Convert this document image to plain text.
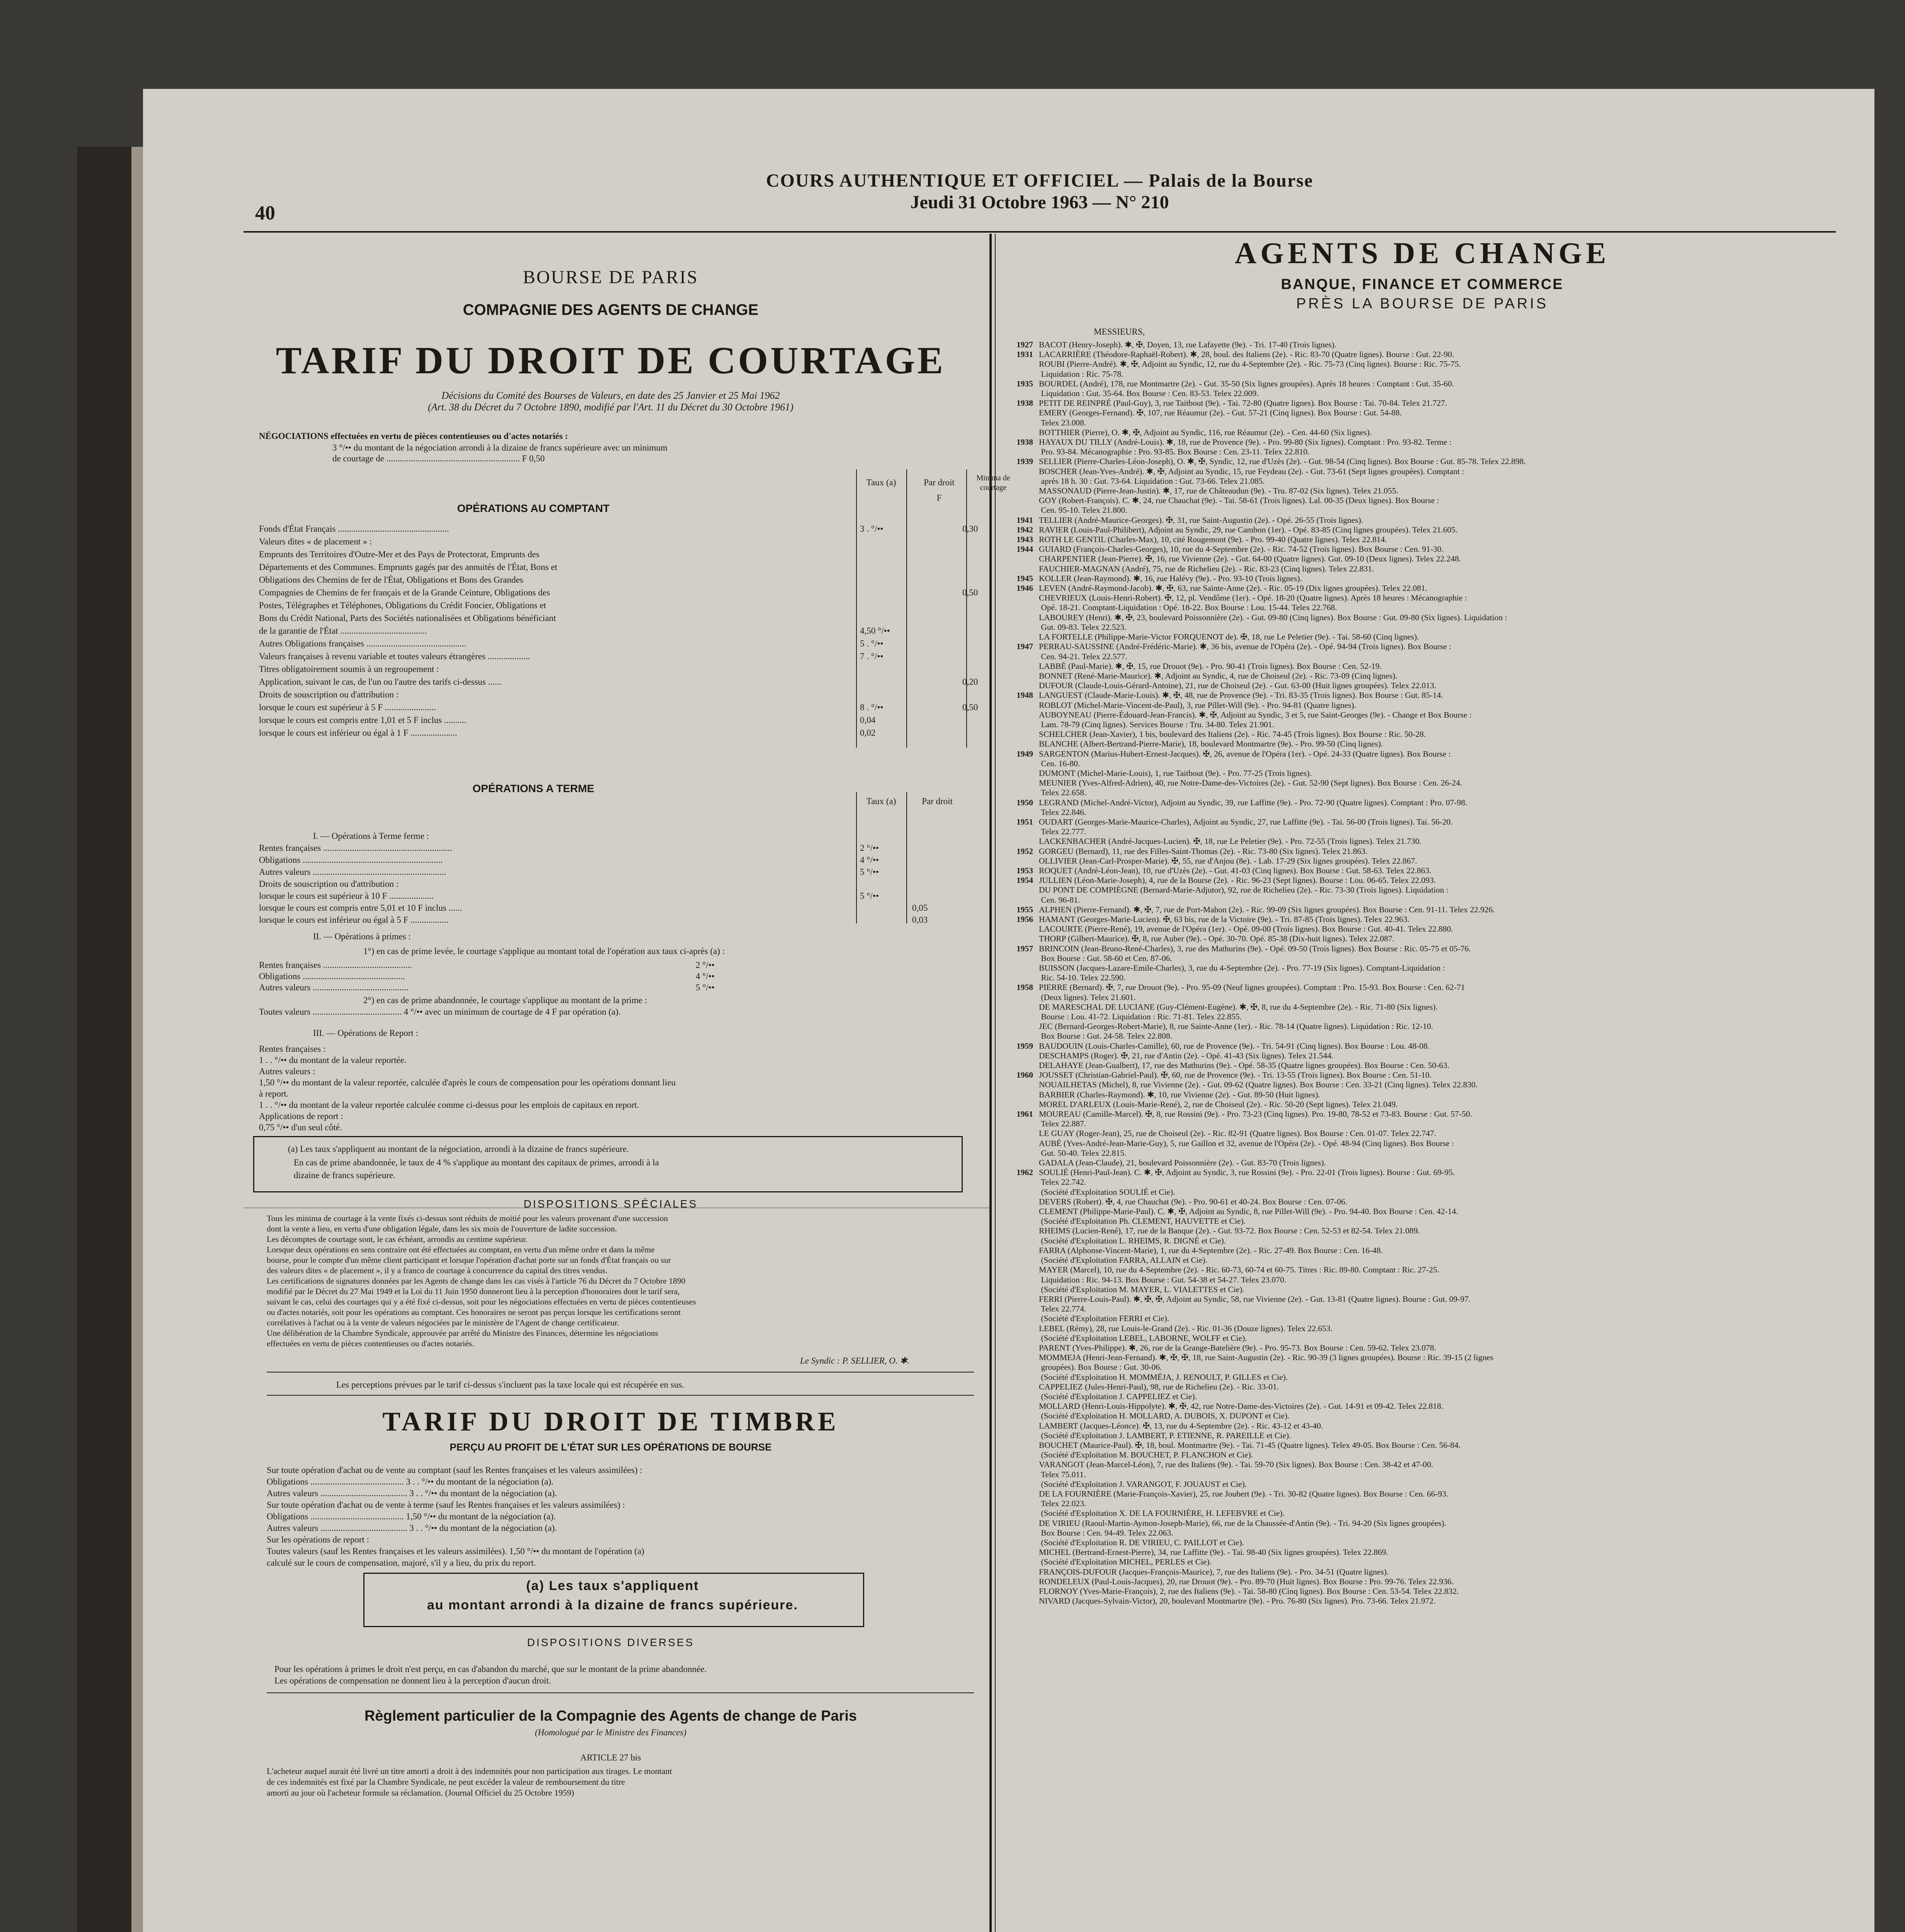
40
COURS AUTHENTIQUE ET OFFICIEL — Palais de la Bourse
Jeudi 31 Octobre 1963 — N° 210
BOURSE DE PARIS
COMPAGNIE DES AGENTS DE CHANGE
TARIF DU DROIT DE COURTAGE
Décisions du Comité des Bourses de Valeurs, en date des 25 Janvier et 25 Mai 1962
(Art. 38 du Décret du 7 Octobre 1890, modifié par l'Art. 11 du Décret du 30 Octobre 1961)
NÉGOCIATIONS effectuées en vertu de pièces contentieuses ou d'actes notariés :
3 °/•• du montant de la négociation arrondi à la dizaine de francs supérieure avec un minimum
de courtage de ............................................................ F 0,50
Taux (a)	Par droit	Minima de courtage
F
OPÉRATIONS AU COMPTANT
Fonds d'État Français ..................................................	3 . °/••	0,30
Valeurs dites « de placement » :
Emprunts des Territoires d'Outre-Mer et des Pays de Protectorat, Emprunts des
Départements et des Communes. Emprunts gagés par des annuités de l'État, Bons et
Obligations des Chemins de fer de l'État, Obligations et Bons des Grandes
Compagnies de Chemins de fer français et de la Grande Ceinture, Obligations des	0,50
Postes, Télégraphes et Téléphones, Obligations du Crédit Foncier, Obligations et
Bons du Crédit National, Parts des Sociétés nationalisées et Obligations bénéficiant
de la garantie de l'État .......................................	4,50 °/••
Autres Obligations françaises .............................................	5 . °/••
Valeurs françaises à revenu variable et toutes valeurs étrangères ...................	7 . °/••
Titres obligatoirement soumis à un regroupement :
Application, suivant le cas, de l'un ou l'autre des tarifs ci-dessus ......	0,20
Droits de souscription ou d'attribution :
lorsque le cours est supérieur à 5 F .......................	8 . °/••	0,50
lorsque le cours est compris entre 1,01 et 5 F inclus ..........	0,04
lorsque le cours est inférieur ou égal à 1 F .....................	0,02
OPÉRATIONS A TERME
Taux (a)	Par droit
I. — Opérations à Terme ferme :
Rentes françaises ..........................................................	2 °/••
Obligations ...............................................................	4 °/••
Autres valeurs ............................................................	5 °/••
Droits de souscription ou d'attribution :
lorsque le cours est supérieur à 10 F ....................	5 °/••
lorsque le cours est compris entre 5,01 et 10 F inclus ......	0,05
lorsque le cours est inférieur ou égal à 5 F .................	0,03
II. — Opérations à primes :
1°) en cas de prime levée, le courtage s'applique au montant total de l'opération aux taux ci-après (a) :
Rentes françaises ........................................	2 °/••
Obligations ..............................................	4 °/••
Autres valeurs ...........................................	5 °/••
2°) en cas de prime abandonnée, le courtage s'applique au montant de la prime :
Toutes valeurs ........................................ 4 °/•• avec un minimum de courtage de 4 F par opération (a).
III. — Opérations de Report :
Rentes françaises :
1 . . °/•• du montant de la valeur reportée.
Autres valeurs :
1,50 °/•• du montant de la valeur reportée, calculée d'après le cours de compensation pour les opérations donnant lieu
à report.
1 . . °/•• du montant de la valeur reportée calculée comme ci-dessus pour les emplois de capitaux en report.
Applications de report :
0,75 °/•• d'un seul côté.
(a) Les taux s'appliquent au montant de la négociation, arrondi à la dizaine de francs supérieure.
En cas de prime abandonnée, le taux de 4 % s'applique au montant des capitaux de primes, arrondi à la
dizaine de francs supérieure.
DISPOSITIONS SPÉCIALES
Tous les minima de courtage à la vente fixés ci-dessus sont réduits de moitié pour les valeurs provenant d'une succession
dont la vente a lieu, en vertu d'une obligation légale, dans les six mois de l'ouverture de ladite succession.
Les décomptes de courtage sont, le cas échéant, arrondis au centime supérieur.
Lorsque deux opérations en sens contraire ont été effectuées au comptant, en vertu d'un même ordre et dans la même
bourse, pour le compte d'un même client participant et lorsque l'opération d'achat porte sur un fonds d'État français ou sur
des valeurs dites « de placement », il y a franco de courtage à concurrence du capital des titres vendus.
Les certifications de signatures données par les Agents de change dans les cas visés à l'article 76 du Décret du 7 Octobre 1890
modifié par le Décret du 27 Mai 1949 et la Loi du 11 Juin 1950 donneront lieu à la perception d'honoraires dont le tarif sera,
suivant le cas, celui des courtages qui y a été fixé ci-dessus, soit pour les négociations effectuées en vertu de pièces contentieuses
ou d'actes notariés, soit pour les opérations au comptant. Ces honoraires ne seront pas perçus lorsque les certifications seront
corrélatives à l'achat ou à la vente de valeurs négociées par le ministère de l'Agent de change certificateur.
Une délibération de la Chambre Syndicale, approuvée par arrêté du Ministre des Finances, détermine les négociations
effectuées en vertu de pièces contentieuses ou d'actes notariés.
Le Syndic : P. SELLIER, O. ✱.
Les perceptions prévues par le tarif ci-dessus s'incluent pas la taxe locale qui est récupérée en sus.
TARIF DU DROIT DE TIMBRE
PERÇU AU PROFIT DE L'ÉTAT SUR LES OPÉRATIONS DE BOURSE
Sur toute opération d'achat ou de vente au comptant (sauf les Rentes françaises et les valeurs assimilées) :
Obligations .......................................... 3 . . °/•• du montant de la négociation (a).
Autres valeurs ....................................... 3 . . °/•• du montant de la négociation (a).
Sur toute opération d'achat ou de vente à terme (sauf les Rentes françaises et les valeurs assimilées) :
Obligations .......................................... 1,50 °/•• du montant de la négociation (a).
Autres valeurs ....................................... 3 . . °/•• du montant de la négociation (a).
Sur les opérations de report :
Toutes valeurs (sauf les Rentes françaises et les valeurs assimilées). 1,50 °/•• du montant de l'opération (a)
calculé sur le cours de compensation, majoré, s'il y a lieu, du prix du report.
(a) Les taux s'appliquent
au montant arrondi à la dizaine de francs supérieure.
DISPOSITIONS DIVERSES
Pour les opérations à primes le droit n'est perçu, en cas d'abandon du marché, que sur le montant de la prime abandonnée.
Les opérations de compensation ne donnent lieu à la perception d'aucun droit.
Règlement particulier de la Compagnie des Agents de change de Paris
(Homologué par le Ministre des Finances)
ARTICLE 27 bis
L'acheteur auquel aurait été livré un titre amorti a droit à des indemnités pour non participation aux tirages. Le montant
de ces indemnités est fixé par la Chambre Syndicale, ne peut excéder la valeur de remboursement du titre
amorti au jour où l'acheteur formule sa réclamation. (Journal Officiel du 25 Octobre 1959)
AGENTS DE CHANGE
BANQUE, FINANCE ET COMMERCE
PRÈS LA BOURSE DE PARIS
MESSIEURS,
1927 BACOT (Henry-Joseph). ✱, ✠, Doyen, 13, rue Lafayette (9e). - Tri. 17-40 (Trois lignes).
1931 LACARRIÈRE (Théodore-Raphaël-Robert). ✱, 28, boul. des Italiens (2e). - Ric. 83-70 (Quatre lignes). Bourse : Gut. 22-90.
ROUBI (Pierre-André). ✱, ✠, Adjoint au Syndic, 12, rue du 4-Septembre (2e). - Ric. 75-73 (Cinq lignes). Bourse : Ric. 75-75.
Liquidation : Ric. 75-78.
1935 BOURDEL (André), 178, rue Montmartre (2e). - Gut. 35-50 (Six lignes groupées). Après 18 heures : Comptant : Gut. 35-60.
Liquidation : Gut. 35-64. Box Bourse : Cen. 83-53. Telex 22.009.
1938 PETIT DE REINPRÉ (Paul-Guy), 3, rue Taitbout (9e). - Tai. 72-80 (Quatre lignes). Box Bourse : Tai. 70-84. Telex 21.727.
EMERY (Georges-Fernand). ✠, 107, rue Réaumur (2e). - Gut. 57-21 (Cinq lignes). Box Bourse : Gut. 54-88.
Telex 23.008.
BOTTHIER (Pierre), O. ✱, ✠, Adjoint au Syndic, 116, rue Réaumur (2e). - Cen. 44-60 (Six lignes).
1938 HAYAUX DU TILLY (André-Louis). ✱, 18, rue de Provence (9e). - Pro. 99-80 (Six lignes). Comptant : Pro. 93-82. Terme :
Pro. 93-84. Mécanographie : Pro. 93-85. Box Bourse : Cen. 23-11. Telex 22.810.
1939 SELLIER (Pierre-Charles-Léon-Joseph), O. ✱, ✠, Syndic, 12, rue d'Uzès (2e). - Gut. 98-54 (Cinq lignes). Box Bourse : Gut. 85-78. Telex 22.898.
BOSCHER (Jean-Yves-André). ✱, ✠, Adjoint au Syndic, 15, rue Feydeau (2e). - Gut. 73-61 (Sept lignes groupées). Comptant :
après 18 h. 30 : Gut. 73-64. Liquidation : Gut. 73-66. Telex 21.085.
MASSONAUD (Pierre-Jean-Justin). ✱, 17, rue de Châteaudun (9e). - Tru. 87-02 (Six lignes). Telex 21.055.
GOY (Robert-François). C. ✱, 24, rue Chauchat (9e). - Tai. 58-61 (Trois lignes). Lal. 00-35 (Deux lignes). Box Bourse :
Cen. 95-10. Telex 21.800.
1941 TELLIER (André-Maurice-Georges). ✠, 31, rue Saint-Augustin (2e). - Opé. 26-55 (Trois lignes).
1942 RAVIER (Louis-Paul-Philibert), Adjoint au Syndic, 29, rue Cambon (1er). - Opé. 83-85 (Cinq lignes groupées). Telex 21.605.
1943 ROTH LE GENTIL (Charles-Max), 10, cité Rougemont (9e). - Pro. 99-40 (Quatre lignes). Telex 22.814.
1944 GUIARD (François-Charles-Georges), 10, rue du 4-Septembre (2e). - Ric. 74-52 (Trois lignes). Box Bourse : Cen. 91-30.
CHARPENTIER (Jean-Pierre). ✠, 16, rue Vivienne (2e). - Gut. 64-00 (Quatre lignes). Gut. 09-10 (Deux lignes). Telex 22.248.
FAUCHIER-MAGNAN (André), 75, rue de Richelieu (2e). - Ric. 83-23 (Cinq lignes). Telex 22.831.
1945 KOLLER (Jean-Raymond). ✱, 16, rue Halévy (9e). - Pro. 93-10 (Trois lignes).
1946 LEVEN (André-Raymond-Jacob). ✱, ✠, 63, rue Sainte-Anne (2e). - Ric. 05-19 (Dix lignes groupées). Telex 22.081.
CHEVRIEUX (Louis-Henri-Robert). ✠, 12, pl. Vendôme (1er). - Opé. 18-20 (Quatre lignes). Après 18 heures : Mécanographie :
Opé. 18-21. Comptant-Liquidation : Opé. 18-22. Box Bourse : Lou. 15-44. Telex 22.768.
LABOUREY (Henri). ✱, ✠, 23, boulevard Poissonnière (2e). - Gut. 09-80 (Cinq lignes). Box Bourse : Gut. 09-80 (Six lignes). Liquidation :
Gut. 09-83. Telex 22.523.
LA FORTELLE (Philippe-Marie-Victor FORQUENOT de). ✠, 18, rue Le Peletier (9e). - Tai. 58-60 (Cinq lignes).
1947 PERRAU-SAUSSINE (André-Frédéric-Marie). ✱, 36 bis, avenue de l'Opéra (2e). - Opé. 94-94 (Trois lignes). Box Bourse :
Cen. 94-21. Telex 22.577.
LABBÉ (Paul-Marie). ✱, ✠, 15, rue Drouot (9e). - Pro. 90-41 (Trois lignes). Box Bourse : Cen. 52-19.
BONNET (René-Marie-Maurice). ✱, Adjoint au Syndic, 4, rue de Choiseul (2e). - Ric. 73-09 (Cinq lignes).
DUFOUR (Claude-Louis-Gérard-Antoine), 21, rue de Choiseul (2e). - Gut. 63-00 (Huit lignes groupées). Telex 22.013.
1948 LANGUEST (Claude-Marie-Louis). ✱, ✠, 48, rue de Provence (9e). - Tri. 83-35 (Trois lignes). Box Bourse : Gut. 85-14.
ROBLOT (Michel-Marie-Vincent-de-Paul), 3, rue Pillet-Will (9e). - Pro. 94-81 (Quatre lignes).
AUBOYNEAU (Pierre-Édouard-Jean-Francis). ✱, ✠, Adjoint au Syndic, 3 et 5, rue Saint-Georges (9e). - Change et Box Bourse :
Lam. 78-79 (Cinq lignes). Services Bourse : Tru. 34-80. Telex 21.901.
SCHELCHER (Jean-Xavier), 1 bis, boulevard des Italiens (2e). - Ric. 74-45 (Trois lignes). Box Bourse : Ric. 50-28.
BLANCHE (Albert-Bertrand-Pierre-Marie), 18, boulevard Montmartre (9e). - Pro. 99-50 (Cinq lignes).
1949 SARGENTON (Marius-Hubert-Ernest-Jacques). ✠, 26, avenue de l'Opéra (1er). - Opé. 24-33 (Quatre lignes). Box Bourse :
Cen. 16-80.
DUMONT (Michel-Marie-Louis), 1, rue Taitbout (9e). - Pro. 77-25 (Trois lignes).
MEUNIER (Yves-Alfred-Adrien), 40, rue Notre-Dame-des-Victoires (2e). - Gut. 52-90 (Sept lignes). Box Bourse : Cen. 26-24.
Telex 22.658.
1950 LEGRAND (Michel-André-Victor), Adjoint au Syndic, 39, rue Laffitte (9e). - Pro. 72-90 (Quatre lignes). Comptant : Pro. 07-98.
Telex 22.846.
1951 OUDART (Georges-Marie-Maurice-Charles), Adjoint au Syndic, 27, rue Laffitte (9e). - Tai. 56-00 (Trois lignes). Tai. 56-20.
Telex 22.777.
LACKENBACHER (André-Jacques-Lucien). ✠, 18, rue Le Peletier (9e). - Pro. 72-55 (Trois lignes). Telex 21.730.
1952 GORGEU (Bernard), 11, rue des Filles-Saint-Thomas (2e). - Ric. 73-80 (Six lignes). Telex 21.863.
OLLIVIER (Jean-Carl-Prosper-Marie). ✠, 55, rue d'Anjou (8e). - Lab. 17-29 (Six lignes groupées). Telex 22.867.
1953 ROQUET (André-Léon-Jean), 10, rue d'Uzès (2e). - Gut. 41-03 (Cinq lignes). Box Bourse : Gut. 58-63. Telex 22.863.
1954 JULLIEN (Léon-Marie-Joseph), 4, rue de la Bourse (2e). - Ric. 96-23 (Sept lignes). Bourse : Lou. 06-65. Telex 22.093.
DU PONT DE COMPIÈGNE (Bernard-Marie-Adjutor), 92, rue de Richelieu (2e). - Ric. 73-30 (Trois lignes). Liquidation :
Cen. 96-81.
1955 ALPHEN (Pierre-Fernand). ✱, ✠, 7, rue de Port-Mahon (2e). - Ric. 99-09 (Six lignes groupées). Box Bourse : Cen. 91-11. Telex 22.926.
1956 HAMANT (Georges-Marie-Lucien). ✠, 63 bis, rue de la Victoire (9e). - Tri. 87-85 (Trois lignes). Telex 22.963.
LACOURTE (Pierre-René), 19, avenue de l'Opéra (1er). - Opé. 09-00 (Trois lignes). Box Bourse : Gut. 40-41. Telex 22.880.
THORP (Gilbert-Maurice). ✠, 8, rue Auber (9e). - Opé. 30-70. Opé. 85-38 (Dix-huit lignes). Telex 22.087.
1957 BRINCOIN (Jean-Bruno-René-Charles), 3, rue des Mathurins (9e). - Opé. 09-50 (Trois lignes). Box Bourse : Ric. 05-75 et 05-76.
Box Bourse : Gut. 58-60 et Cen. 87-06.
BUISSON (Jacques-Lazare-Emile-Charles), 3, rue du 4-Septembre (2e). - Pro. 77-19 (Six lignes). Comptant-Liquidation :
Ric. 54-10. Telex 22.590.
1958 PIERRE (Bernard). ✠, 7, rue Drouot (9e). - Pro. 95-09 (Neuf lignes groupées). Comptant : Pro. 15-93. Box Bourse : Cen. 62-71
(Deux lignes). Telex 21.601.
DE MARESCHAL DE LUCIANE (Guy-Clément-Eugène). ✱, ✠, 8, rue du 4-Septembre (2e). - Ric. 71-80 (Six lignes).
Bourse : Lou. 41-72. Liquidation : Ric. 71-81. Telex 22.855.
JEC (Bernard-Georges-Robert-Marie), 8, rue Sainte-Anne (1er). - Ric. 78-14 (Quatre lignes). Liquidation : Ric. 12-10.
Box Bourse : Gut. 24-58. Telex 22.808.
1959 BAUDOUIN (Louis-Charles-Camille), 60, rue de Provence (9e). - Tri. 54-91 (Cinq lignes). Box Bourse : Lou. 48-08.
DESCHAMPS (Roger). ✠, 21, rue d'Antin (2e). - Opé. 41-43 (Six lignes). Telex 21.544.
DELAHAYE (Jean-Gualbert), 17, rue des Mathurins (9e). - Opé. 58-35 (Quatre lignes groupées). Box Bourse : Cen. 50-63.
1960 JOUSSET (Christian-Gabriel-Paul). ✠, 60, rue de Provence (9e). - Tri. 13-55 (Trois lignes). Box Bourse : Cen. 51-10.
NOUAILHETAS (Michel), 8, rue Vivienne (2e). - Gut. 09-62 (Quatre lignes). Box Bourse : Cen. 33-21 (Cinq lignes). Telex 22.830.
BARBIER (Charles-Raymond). ✱, 10, rue Vivienne (2e). - Gut. 89-50 (Huit lignes).
MOREL D'ARLEUX (Louis-Marie-René), 2, rue de Choiseul (2e). - Ric. 50-20 (Sept lignes). Telex 21.049.
1961 MOUREAU (Camille-Marcel). ✠, 8, rue Rossini (9e). - Pro. 73-23 (Cinq lignes). Pro. 19-80, 78-52 et 73-83. Bourse : Gut. 57-50.
Telex 22.887.
LE GUAY (Roger-Jean), 25, rue de Choiseul (2e). - Ric. 82-91 (Quatre lignes). Box Bourse : Cen. 01-07. Telex 22.747.
AUBÉ (Yves-André-Jean-Marie-Guy), 5, rue Gaillon et 32, avenue de l'Opéra (2e). - Opé. 48-94 (Cinq lignes). Box Bourse :
Gut. 50-40. Telex 22.815.
GADALA (Jean-Claude), 21, boulevard Poissonnière (2e). - Gut. 83-70 (Trois lignes).
1962 SOULIÉ (Henri-Paul-Jean). C. ✱, ✠, Adjoint au Syndic, 3, rue Rossini (9e). - Pro. 22-01 (Trois lignes). Bourse : Gut. 69-95.
Telex 22.742.
(Société d'Exploitation SOULIÉ et Cie).
DEVERS (Robert). ✠, 4, rue Chauchat (9e). - Pro. 90-61 et 40-24. Box Bourse : Cen. 07-06.
CLEMENT (Philippe-Marie-Paul). C. ✱, ✠, Adjoint au Syndic, 8, rue Pillet-Will (9e). - Pro. 94-40. Box Bourse : Cen. 42-14.
(Société d'Exploitation Ph. CLEMENT, HAUVETTE et Cie).
RHEIMS (Lucien-René), 17, rue de la Banque (2e). - Gut. 93-72. Box Bourse : Cen. 52-53 et 82-54. Telex 21.089.
(Société d'Exploitation L. RHEIMS, R. DIGNÉ et Cie).
FARRA (Alphonse-Vincent-Marie), 1, rue du 4-Septembre (2e). - Ric. 27-49. Box Bourse : Cen. 16-48.
(Société d'Exploitation FARRA, ALLAIN et Cie).
MAYER (Marcel), 10, rue du 4-Septembre (2e). - Ric. 60-73, 60-74 et 60-75. Titres : Ric. 89-80. Comptant : Ric. 27-25.
Liquidation : Ric. 94-13. Box Bourse : Gut. 54-38 et 54-27. Telex 23.070.
(Société d'Exploitation M. MAYER, L. VIALETTES et Cie).
FERRI (Pierre-Louis-Paul). ✱, ✠, ✠, Adjoint au Syndic, 58, rue Vivienne (2e). - Gut. 13-81 (Quatre lignes). Bourse : Gut. 09-97.
Telex 22.774.
(Société d'Exploitation FERRI et Cie).
LEBEL (Rémy), 28, rue Louis-le-Grand (2e). - Ric. 01-36 (Douze lignes). Telex 22.653.
(Société d'Exploitation LEBEL, LABORNE, WOLFF et Cie).
PARENT (Yves-Philippe). ✱, 26, rue de la Grange-Batelière (9e). - Pro. 95-73. Box Bourse : Cen. 59-62. Telex 23.078.
MOMMEJA (Henri-Jean-Fernand). ✱, ✠, ✠, 18, rue Saint-Augustin (2e). - Ric. 90-39 (3 lignes groupées). Bourse : Ric. 39-15 (2 lignes
groupées). Box Bourse : Gut. 30-06.
(Société d'Exploitation H. MOMMÉJA, J. RENOULT, P. GILLES et Cie).
CAPPELIEZ (Jules-Henri-Paul), 98, rue de Richelieu (2e). - Ric. 33-01.
(Société d'Exploitation J. CAPPELIEZ et Cie).
MOLLARD (Henri-Louis-Hippolyte). ✱, ✠, 42, rue Notre-Dame-des-Victoires (2e). - Gut. 14-91 et 09-42. Telex 22.818.
(Société d'Exploitation H. MOLLARD, A. DUBOIS, X. DUPONT et Cie).
LAMBERT (Jacques-Léonce). ✠, 13, rue du 4-Septembre (2e). - Ric. 43-12 et 43-40.
(Société d'Exploitation J. LAMBERT, P. ETIENNE, R. PAREILLE et Cie).
BOUCHET (Maurice-Paul). ✠, 18, boul. Montmartre (9e). - Tai. 71-45 (Quatre lignes). Telex 49-05. Box Bourse : Cen. 56-84.
(Société d'Exploitation M. BOUCHET, P. FLANCHON et Cie).
VARANGOT (Jean-Marcel-Léon), 7, rue des Italiens (9e). - Tai. 59-70 (Six lignes). Box Bourse : Cen. 38-42 et 47-00.
Telex 75.011.
(Société d'Exploitation J. VARANGOT, F. JOUAUST et Cie).
DE LA FOURNIÈRE (Marie-François-Xavier), 25, rue Joubert (9e). - Tri. 30-82 (Quatre lignes). Box Bourse : Cen. 66-93.
Telex 22.023.
(Société d'Exploitation X. DE LA FOURNIÈRE, H. LEFEBVRE et Cie).
DE VIRIEU (Raoul-Martin-Aymon-Joseph-Marie), 66, rue de la Chaussée-d'Antin (9e). - Tri. 94-20 (Six lignes groupées).
Box Bourse : Cen. 94-49. Telex 22.063.
(Société d'Exploitation R. DE VIRIEU, C. PAILLOT et Cie).
MICHEL (Bertrand-Ernest-Pierre), 34, rue Laffitte (9e). - Tai. 98-40 (Six lignes groupées). Telex 22.869.
(Société d'Exploitation MICHEL, PERLES et Cie).
FRANÇOIS-DUFOUR (Jacques-François-Maurice), 7, rue des Italiens (9e). - Pro. 34-51 (Quatre lignes).
RONDELEUX (Paul-Louis-Jacques), 20, rue Drouot (9e). - Pro. 89-70 (Huit lignes). Box Bourse : Pro. 99-76. Telex 22.936.
FLORNOY (Yves-Marie-François), 2, rue des Italiens (9e). - Tai. 58-80 (Cinq lignes). Box Bourse : Cen. 53-54. Telex 22.832.
NIVARD (Jacques-Sylvain-Victor), 20, boulevard Montmartre (9e). - Pro. 76-80 (Six lignes). Pro. 73-66. Telex 21.972.
